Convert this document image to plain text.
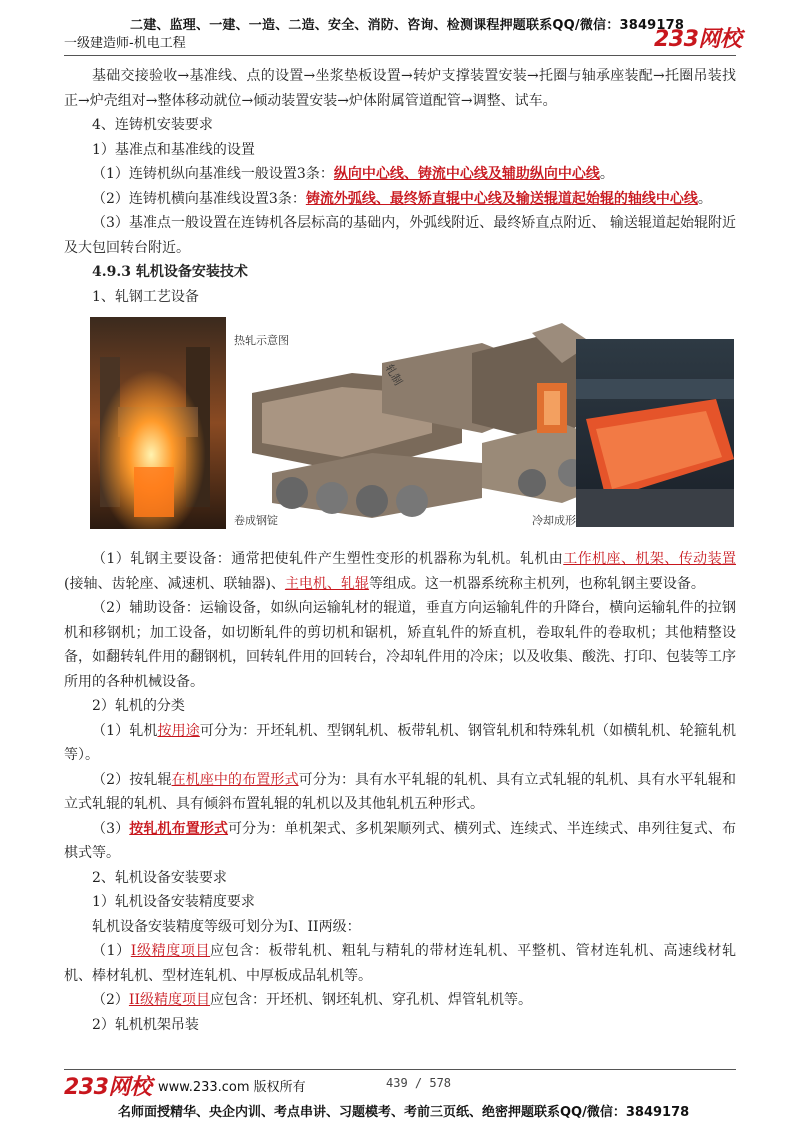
二建、监理、一建、一造、二造、安全、消防、咨询、检测课程押题联系QQ/微信：3849178
一级建造师-机电工程	233网校

基础交接验收→基准线、点的设置→坐浆垫板设置→转炉支撑装置安装→托圈与轴承座装配→托圈吊装找正→炉壳组对→整体移动就位→倾动装置安装→炉体附属管道配管→调整、试车。

4、连铸机安装要求

1）基准点和基准线的设置

（1）连铸机纵向基准线一般设置3条：纵向中心线、铸流中心线及辅助纵向中心线。

（2）连铸机横向基准线设置3条：铸流外弧线、最终矫直辊中心线及输送辊道起始辊的轴线中心线。

（3）基准点一般设置在连铸机各层标高的基础内，外弧线附近、最终矫直点附近、 输送辊道起始辊附近及大包回转台附近。

4.9.3 轧机设备安装技术

1、轧钢工艺设备

热轧示意图
轧制
冷却成形
卷成钢锭

（1）轧钢主要设备：通常把使轧件产生塑性变形的机器称为轧机。轧机由工作机座、机架、传动装置(接轴、齿轮座、减速机、联轴器)、主电机、轧辊等组成。这一机器系统称主机列，也称轧钢主要设备。

（2）辅助设备：运输设备，如纵向运输轧材的辊道，垂直方向运输轧件的升降台，横向运输轧件的拉钢机和移钢机；加工设备，如切断轧件的剪切机和锯机，矫直轧件的矫直机，卷取轧件的卷取机；其他精整设备，如翻转轧件用的翻钢机，回转轧件用的回转台，冷却轧件用的冷床；以及收集、酸洗、打印、包装等工序所用的各种机械设备。

2）轧机的分类

（1）轧机按用途可分为：开坯轧机、型钢轧机、板带轧机、钢管轧机和特殊轧机（如横轧机、轮箍轧机等）。

（2）按轧辊在机座中的布置形式可分为：具有水平轧辊的轧机、具有立式轧辊的轧机、具有水平轧辊和立式轧辊的轧机、具有倾斜布置轧辊的轧机以及其他轧机五种形式。

（3）按轧机布置形式可分为：单机架式、多机架顺列式、横列式、连续式、半连续式、串列往复式、布棋式等。

2、轧机设备安装要求

1）轧机设备安装精度要求

轧机设备安装精度等级可划分为I、II两级：

（1）I级精度项目应包含：板带轧机、粗轧与精轧的带材连轧机、平整机、管材连轧机、高速线材轧机、棒材轧机、型材连轧机、中厚板成品轧机等。

（2）II级精度项目应包含：开坯机、钢坯轧机、穿孔机、焊管轧机等。

2）轧机机架吊装

233网校 www.233.com 版权所有	439 / 578
名师面授精华、央企内训、考点串讲、习题模考、考前三页纸、绝密押题联系QQ/微信：3849178
